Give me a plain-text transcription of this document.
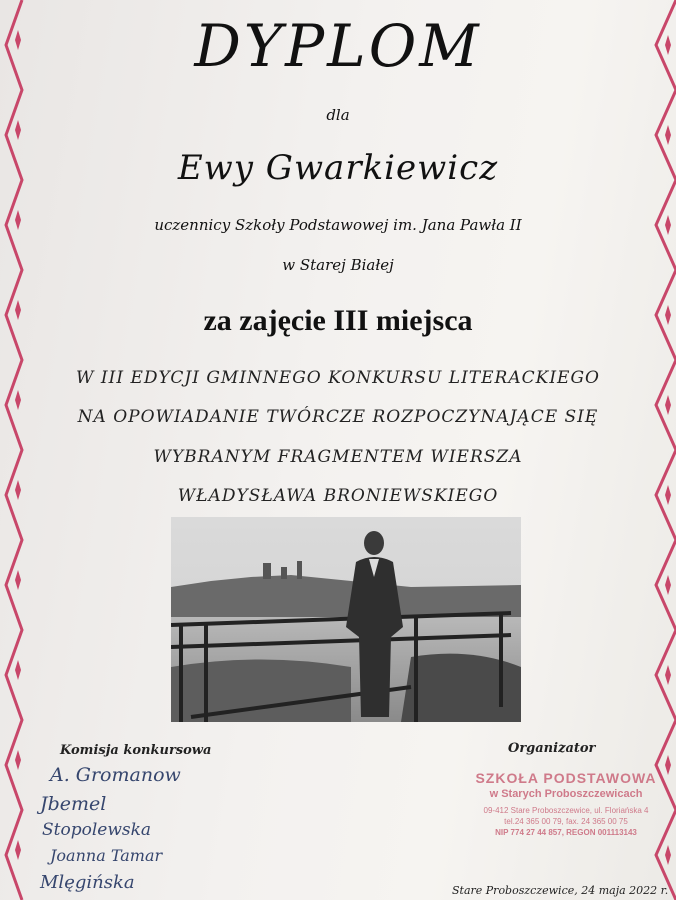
DYPLOM
dla
Ewy Gwarkiewicz
uczennicy Szkoły Podstawowej im. Jana Pawła II
w Starej Białej
za zajęcie III miejsca
W III EDYCJI GMINNEGO KONKURSU LITERACKIEGO
NA OPOWIADANIE TWÓRCZE ROZPOCZYNAJĄCE SIĘ
WYBRANYM FRAGMENTEM WIERSZA
WŁADYSŁAWA BRONIEWSKIEGO
Komisja konkursowa
A. Gromanow
Jbemel
Stopolewska
Joanna Tamar
Mlęgińska
Organizator
SZKOŁA PODSTAWOWA
w Starych Proboszczewicach
09-412 Stare Proboszczewice, ul. Floriańska 4
tel.24 365 00 79, fax. 24 365 00 75
NIP 774 27 44 857, REGON 001113143
Stare Proboszczewice, 24 maja 2022 r.
